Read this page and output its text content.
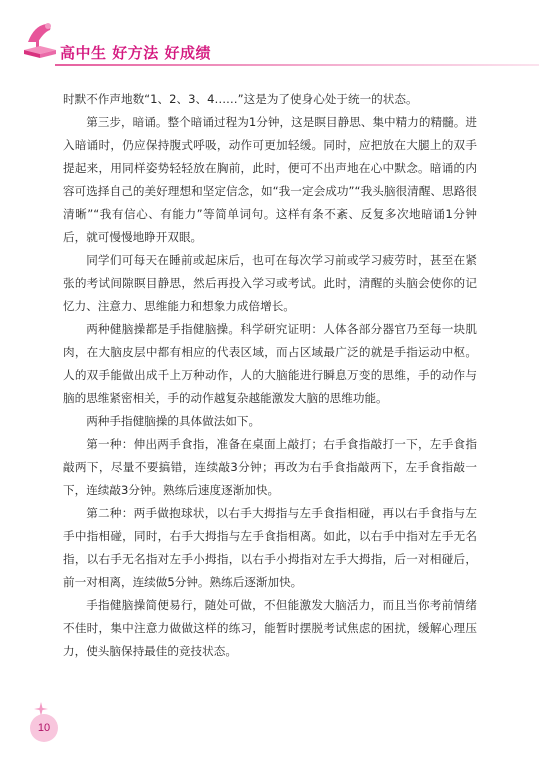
高中生 好方法 好成绩

时默不作声地数“1、2、3、4……”这是为了使身心处于统一的状态。

第三步，暗诵。整个暗诵过程为1分钟，这是瞑目静思、集中精力的精髓。进入暗诵时，仍应保持腹式呼吸，动作可更加轻缓。同时，应把放在大腿上的双手提起来，用同样姿势轻轻放在胸前，此时，便可不出声地在心中默念。暗诵的内容可选择自己的美好理想和坚定信念，如“我一定会成功”“我头脑很清醒、思路很清晰”“我有信心、有能力”等简单词句。这样有条不紊、反复多次地暗诵1分钟后，就可慢慢地睁开双眼。

同学们可每天在睡前或起床后，也可在每次学习前或学习疲劳时，甚至在紧张的考试间隙瞑目静思，然后再投入学习或考试。此时，清醒的头脑会使你的记忆力、注意力、思维能力和想象力成倍增长。

两种健脑操都是手指健脑操。科学研究证明：人体各部分器官乃至每一块肌肉，在大脑皮层中都有相应的代表区域，而占区域最广泛的就是手指运动中枢。人的双手能做出成千上万种动作，人的大脑能进行瞬息万变的思维，手的动作与脑的思维紧密相关，手的动作越复杂越能激发大脑的思维功能。

两种手指健脑操的具体做法如下。

第一种：伸出两手食指，准备在桌面上敲打；右手食指敲打一下，左手食指敲两下，尽量不要搞错，连续敲3分钟；再改为右手食指敲两下，左手食指敲一下，连续敲3分钟。熟练后速度逐渐加快。

第二种：两手做抱球状，以右手大拇指与左手食指相碰，再以右手食指与左手中指相碰，同时，右手大拇指与左手食指相离。如此，以右手中指对左手无名指，以右手无名指对左手小拇指，以右手小拇指对左手大拇指，后一对相碰后，前一对相离，连续做5分钟。熟练后逐渐加快。

手指健脑操简便易行，随处可做，不但能激发大脑活力，而且当你考前情绪不佳时，集中注意力做做这样的练习，能暂时摆脱考试焦虑的困扰，缓解心理压力，使头脑保持最佳的竞技状态。

10
